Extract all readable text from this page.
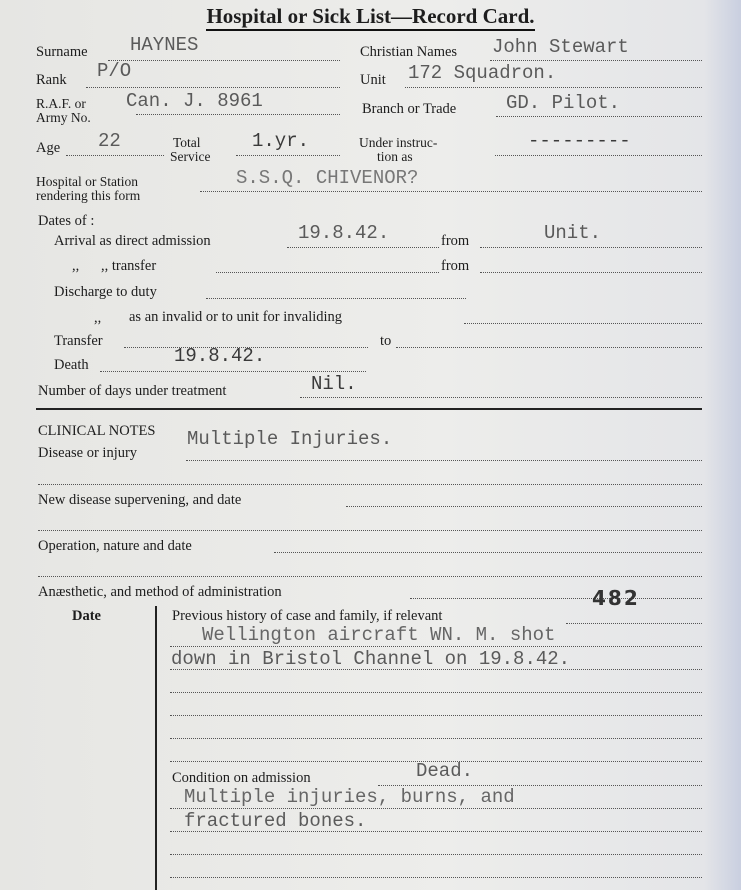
Hospital or Sick List—Record Card.
Surname HAYNES	Christian Names John Stewart
Rank P/O	Unit 172 Squadron.
R.A.F. or
Army No.
Can. J. 8961	Branch or Trade	GD. Pilot.
Age 22	Total
Service
1.yr.	Under instruc-
tion as
---------
Hospital or Station
rendering this form
S.S.Q. CHIVENOR?
Dates of :
Arrival as direct admission	19.8.42.	from	Unit.
,,      ,, transfer	from
Discharge to duty
,, as an invalid or to unit for invaliding
Transfer	to
Death	19.8.42.
Number of days under treatment	Nil.
CLINICAL NOTES
Disease or injury
Multiple Injuries.
New disease supervening, and date
Operation, nature and date
Anæsthetic, and method of administration	482
Date	Previous history of case and family, if relevant
Wellington aircraft WN. M. shot
down in Bristol Channel on 19.8.42.
Condition on admission	Dead.
Multiple injuries, burns, and
fractured bones.
